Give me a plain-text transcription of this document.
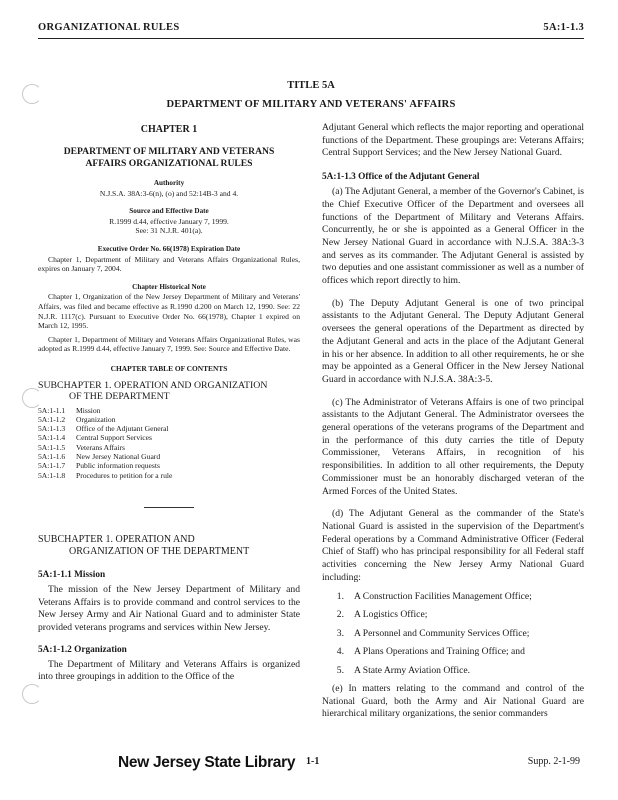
ORGANIZATIONAL RULES	5A:1-1.3
TITLE 5A
DEPARTMENT OF MILITARY AND VETERANS' AFFAIRS
CHAPTER 1
DEPARTMENT OF MILITARY AND VETERANS AFFAIRS ORGANIZATIONAL RULES
Authority
N.J.S.A. 38A:3-6(n), (o) and 52:14B-3 and 4.
Source and Effective Date
R.1999 d.44, effective January 7, 1999.
See: 31 N.J.R. 401(a).
Executive Order No. 66(1978) Expiration Date

Chapter 1, Department of Military and Veterans Affairs Organizational Rules, expires on January 7, 2004.

Chapter Historical Note

Chapter 1, Organization of the New Jersey Department of Military and Veterans' Affairs, was filed and became effective as R.1990 d.200 on March 12, 1990. See: 22 N.J.R. 1117(c). Pursuant to Executive Order No. 66(1978), Chapter 1 expired on March 12, 1995.

Chapter 1, Department of Military and Veterans Affairs Organizational Rules, was adopted as R.1999 d.44, effective January 7, 1999. See: Source and Effective Date.

CHAPTER TABLE OF CONTENTS
SUBCHAPTER 1. OPERATION AND ORGANIZATION
OF THE DEPARTMENT
5A:1-1.1	Mission
5A:1-1.2	Organization
5A:1-1.3	Office of the Adjutant General
5A:1-1.4	Central Support Services
5A:1-1.5	Veterans Affairs
5A:1-1.6	New Jersey National Guard
5A:1-1.7	Public information requests
5A:1-1.8	Procedures to petition for a rule
SUBCHAPTER 1. OPERATION AND
ORGANIZATION OF THE DEPARTMENT
5A:1-1.1 Mission

The mission of the New Jersey Department of Military and Veterans Affairs is to provide command and control services to the New Jersey Army and Air National Guard and to administer State provided veterans programs and services within New Jersey.

5A:1-1.2 Organization

The Department of Military and Veterans Affairs is organized into three groupings in addition to the Office of the

Adjutant General which reflects the major reporting and operational functions of the Department. These groupings are: Veterans Affairs; Central Support Services; and the New Jersey National Guard.

5A:1-1.3 Office of the Adjutant General

(a) The Adjutant General, a member of the Governor's Cabinet, is the Chief Executive Officer of the Department and oversees all functions of the Department of Military and Veterans Affairs. Concurrently, he or she is appointed as a General Officer in the New Jersey National Guard in accordance with N.J.S.A. 38A:3-3 and serves as its commander. The Adjutant General is assisted by two deputies and one assistant commissioner as well as a number of offices which report directly to him.

(b) The Deputy Adjutant General is one of two principal assistants to the Adjutant General. The Deputy Adjutant General oversees the general operations of the Department as directed by the Adjutant General and acts in the place of the Adjutant General in his or her absence. In addition to all other requirements, he or she may be appointed as a General Officer in the New Jersey National Guard in accordance with N.J.S.A. 38A:3-5.

(c) The Administrator of Veterans Affairs is one of two principal assistants to the Adjutant General. The Administrator oversees the general operations of the veterans programs of the Department and in the performance of this duty carries the title of Deputy Commissioner, Veterans Affairs, in recognition of his responsibilities. In addition to all other requirements, the Deputy Commissioner must be an honorably discharged veteran of the Armed Forces of the United States.

(d) The Adjutant General as the commander of the State's National Guard is assisted in the supervision of the Department's Federal operations by a Command Administrative Officer (Federal Chief of Staff) who has principal responsibility for all Federal staff activities concerning the New Jersey Army National Guard including:

1.	A Construction Facilities Management Office;
2.	A Logistics Office;
3.	A Personnel and Community Services Office;
4.	A Plans Operations and Training Office; and
5.	A State Army Aviation Office.

(e) In matters relating to the command and control of the National Guard, both the Army and Air National Guard are hierarchical military organizations, the senior commanders

New Jersey State Library 1-1	Supp. 2-1-99
